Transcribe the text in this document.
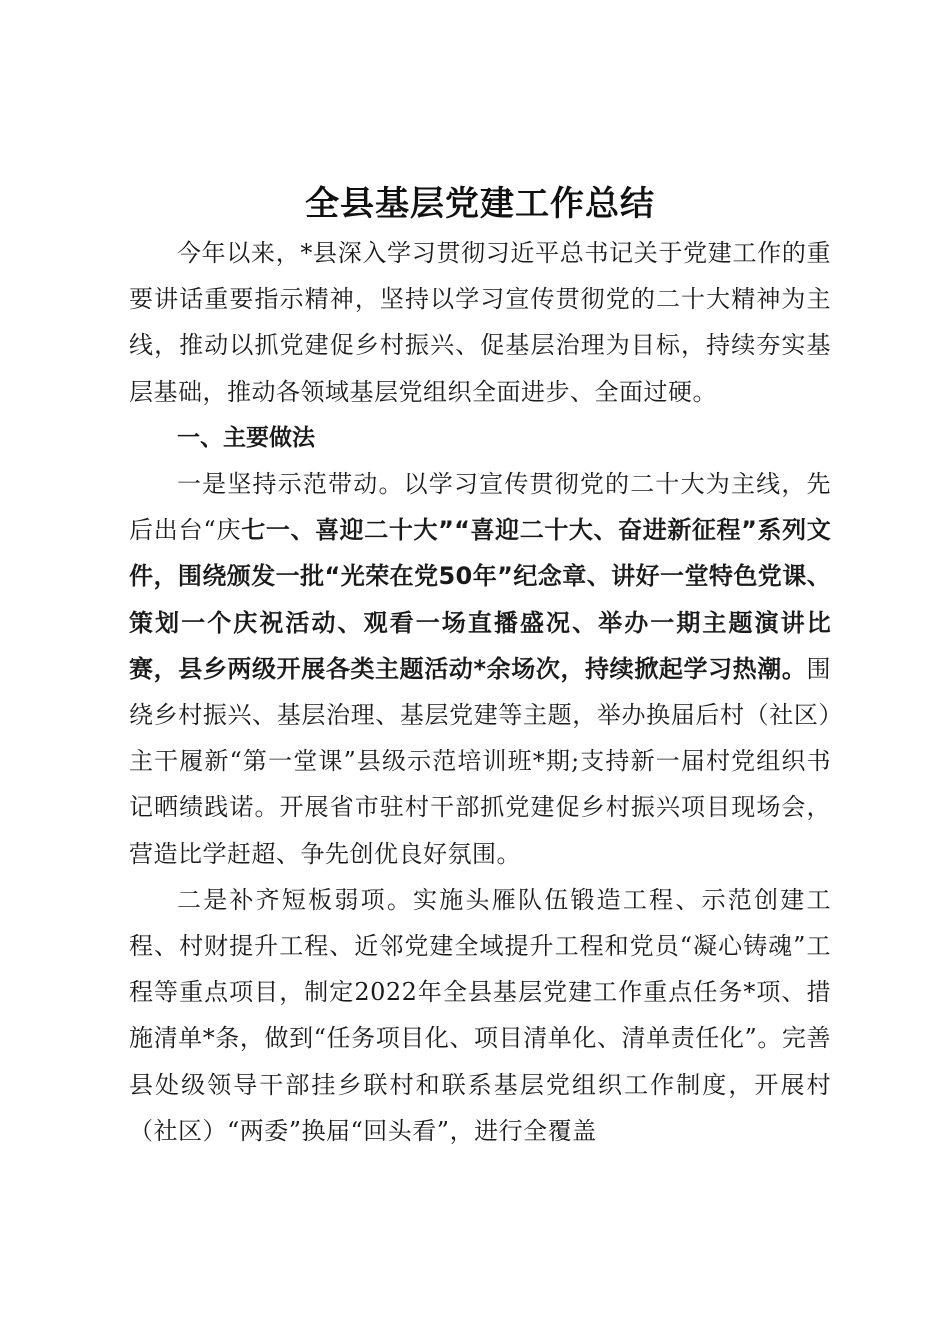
全县基层党建工作总结

今年以来，*县深入学习贯彻习近平总书记关于党建工作的重要讲话重要指示精神，坚持以学习宣传贯彻党的二十大精神为主线，推动以抓党建促乡村振兴、促基层治理为目标，持续夯实基层基础，推动各领域基层党组织全面进步、全面过硬。

一、主要做法

一是坚持示范带动。以学习宣传贯彻党的二十大为主线，先后出台“庆七一、喜迎二十大”“喜迎二十大、奋进新征程”系列文件，围绕颁发一批“光荣在党50年”纪念章、讲好一堂特色党课、策划一个庆祝活动、观看一场直播盛况、举办一期主题演讲比赛，县乡两级开展各类主题活动*余场次，持续掀起学习热潮。围绕乡村振兴、基层治理、基层党建等主题，举办换届后村（社区）主干履新“第一堂课”县级示范培训班*期;支持新一届村党组织书记晒绩践诺。开展省市驻村干部抓党建促乡村振兴项目现场会，营造比学赶超、争先创优良好氛围。

二是补齐短板弱项。实施头雁队伍锻造工程、示范创建工程、村财提升工程、近邻党建全域提升工程和党员“凝心铸魂”工程等重点项目，制定2022年全县基层党建工作重点任务*项、措施清单*条，做到“任务项目化、项目清单化、清单责任化”。完善县处级领导干部挂乡联村和联系基层党组织工作制度，开展村（社区）“两委”换届“回头看”，进行全覆盖
